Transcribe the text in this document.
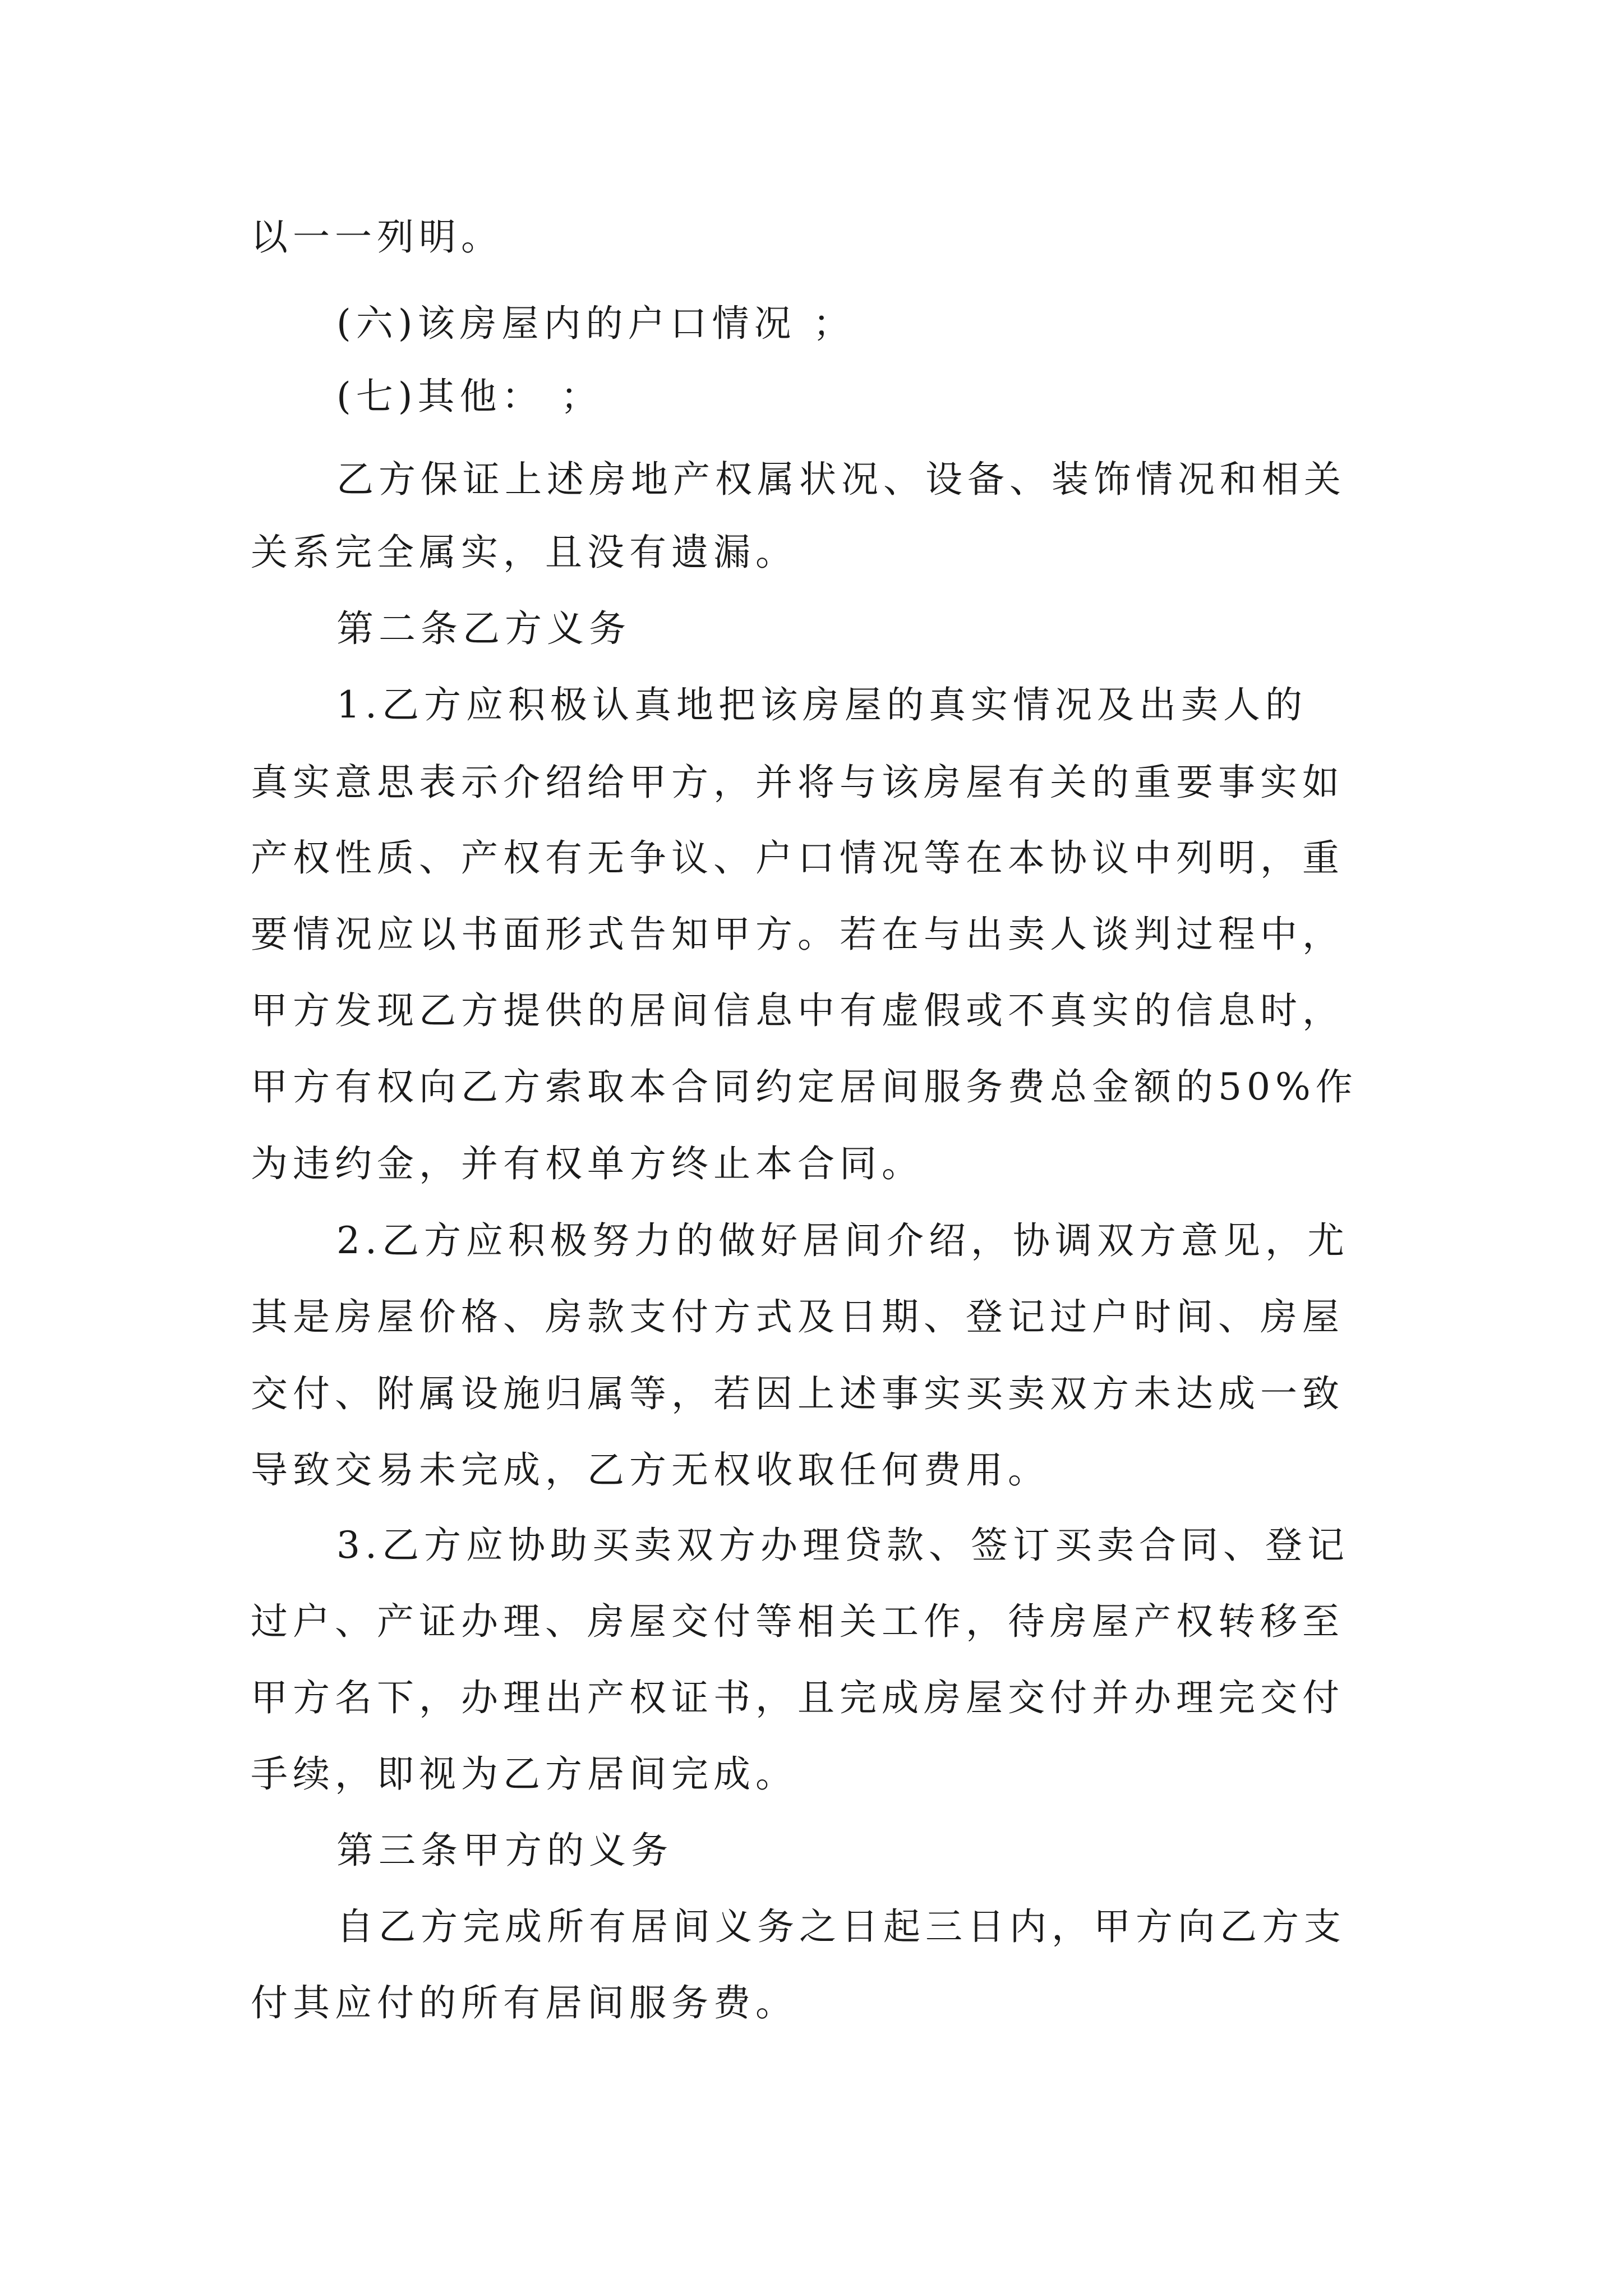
以一一列明。
(六)该房屋内的户口情况 ；
(七)其他： ；
乙方保证上述房地产权属状况、设备、装饰情况和相关
关系完全属实，且没有遗漏。
第二条乙方义务
1.乙方应积极认真地把该房屋的真实情况及出卖人的
真实意思表示介绍给甲方，并将与该房屋有关的重要事实如
产权性质、产权有无争议、户口情况等在本协议中列明，重
要情况应以书面形式告知甲方。若在与出卖人谈判过程中，
甲方发现乙方提供的居间信息中有虚假或不真实的信息时，
甲方有权向乙方索取本合同约定居间服务费总金额的50%作
为违约金，并有权单方终止本合同。
2.乙方应积极努力的做好居间介绍，协调双方意见，尤
其是房屋价格、房款支付方式及日期、登记过户时间、房屋
交付、附属设施归属等，若因上述事实买卖双方未达成一致
导致交易未完成，乙方无权收取任何费用。
3.乙方应协助买卖双方办理贷款、签订买卖合同、登记
过户、产证办理、房屋交付等相关工作，待房屋产权转移至
甲方名下，办理出产权证书，且完成房屋交付并办理完交付
手续，即视为乙方居间完成。
第三条甲方的义务
自乙方完成所有居间义务之日起三日内，甲方向乙方支
付其应付的所有居间服务费。
